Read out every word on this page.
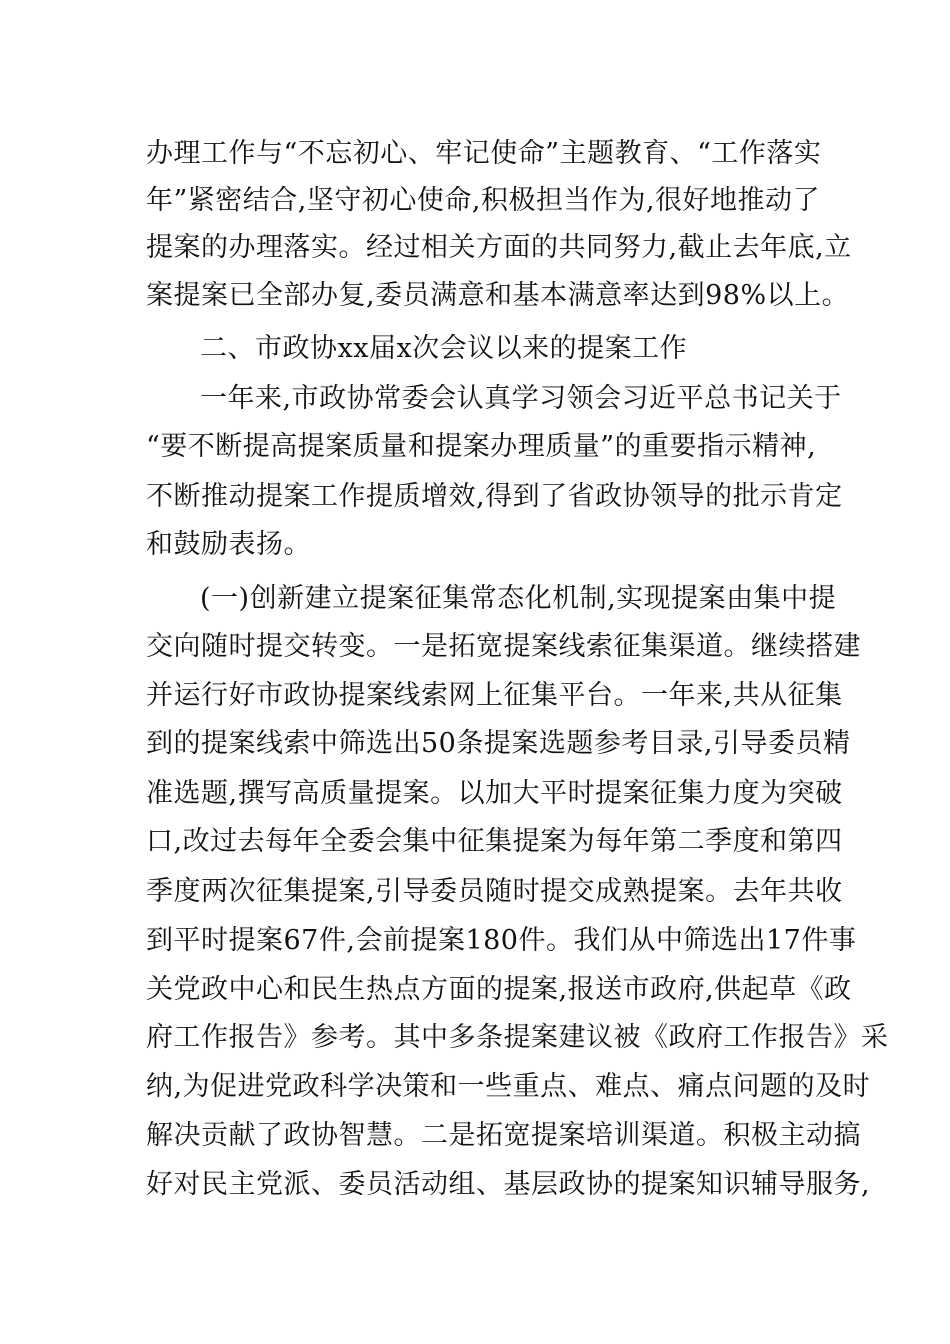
办理工作与“不忘初心、牢记使命”主题教育、“工作落实
年”紧密结合,坚守初心使命,积极担当作为,很好地推动了
提案的办理落实。经过相关方面的共同努力,截止去年底,立
案提案已全部办复,委员满意和基本满意率达到98%以上。
二、市政协xx届x次会议以来的提案工作
一年来,市政协常委会认真学习领会习近平总书记关于
“要不断提高提案质量和提案办理质量”的重要指示精神,
不断推动提案工作提质增效,得到了省政协领导的批示肯定
和鼓励表扬。
(一)创新建立提案征集常态化机制,实现提案由集中提
交向随时提交转变。一是拓宽提案线索征集渠道。继续搭建
并运行好市政协提案线索网上征集平台。一年来,共从征集
到的提案线索中筛选出50条提案选题参考目录,引导委员精
准选题,撰写高质量提案。以加大平时提案征集力度为突破
口,改过去每年全委会集中征集提案为每年第二季度和第四
季度两次征集提案,引导委员随时提交成熟提案。去年共收
到平时提案67件,会前提案180件。我们从中筛选出17件事
关党政中心和民生热点方面的提案,报送市政府,供起草《政
府工作报告》参考。其中多条提案建议被《政府工作报告》采
纳,为促进党政科学决策和一些重点、难点、痛点问题的及时
解决贡献了政协智慧。二是拓宽提案培训渠道。积极主动搞
好对民主党派、委员活动组、基层政协的提案知识辅导服务,
